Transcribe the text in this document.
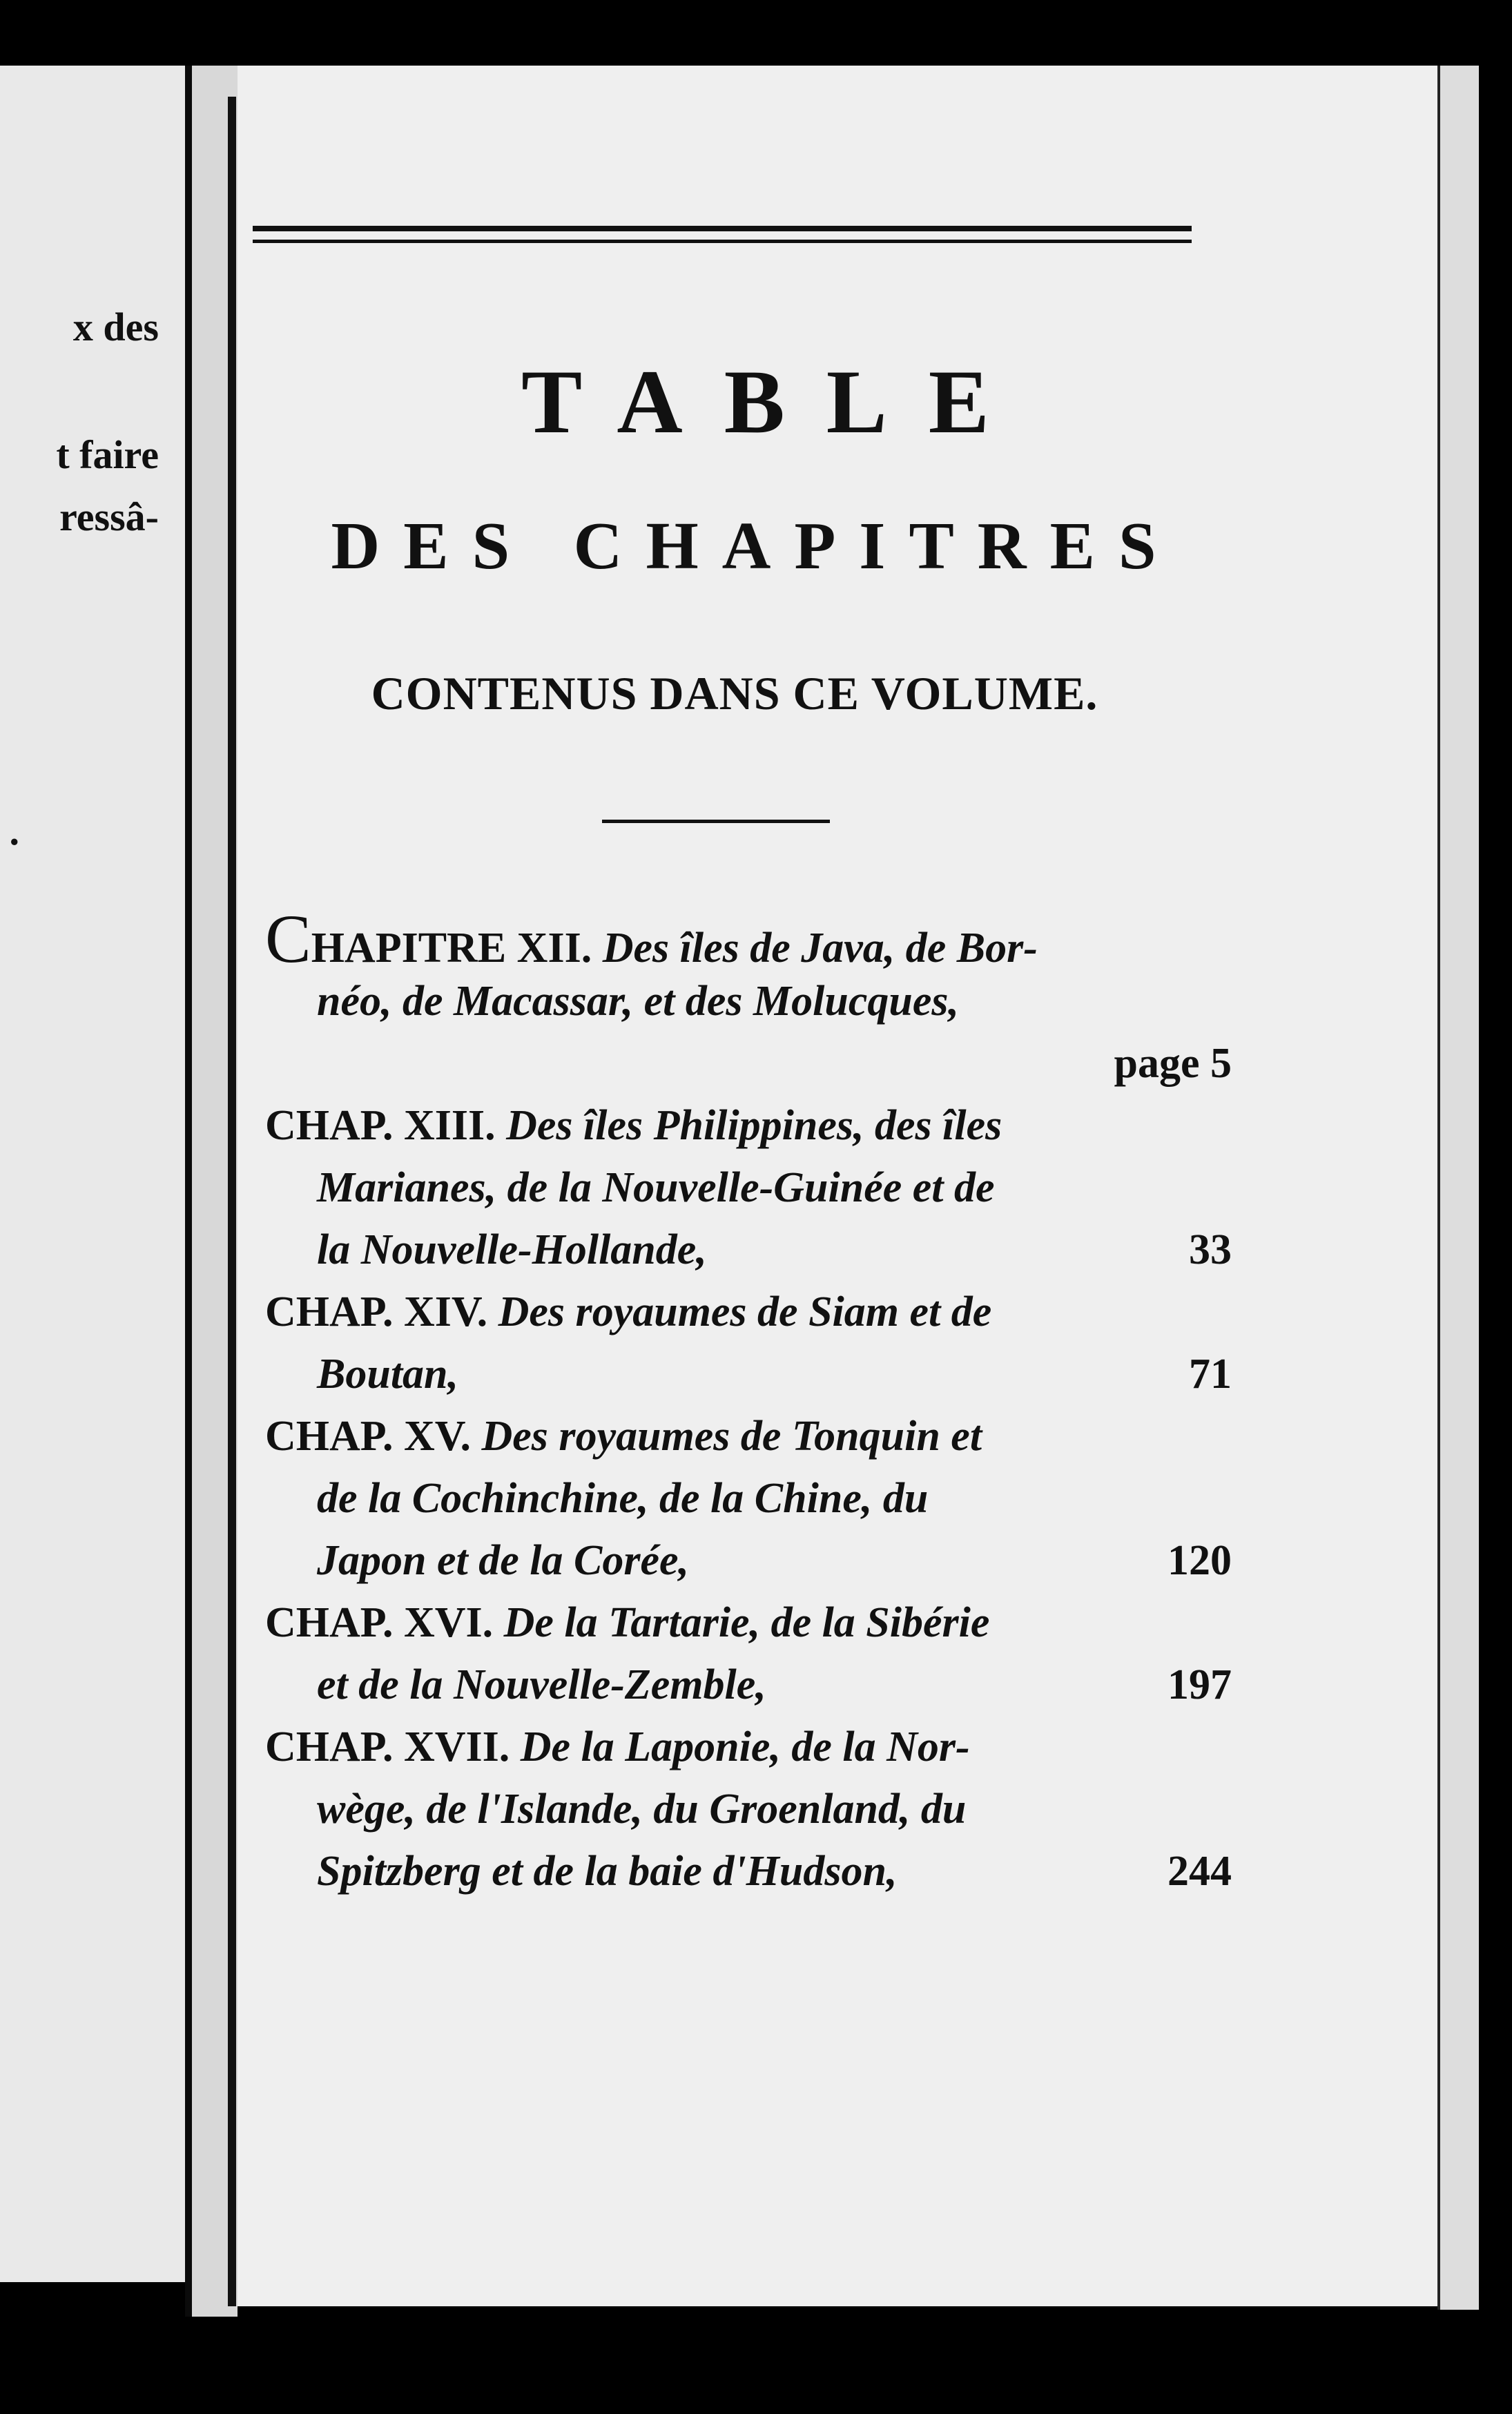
x des
t faire
ressâ-
.
TABLE
DES CHAPITRES
CONTENUS DANS CE VOLUME.
CHAPITRE XII. Des îles de Java, de Bor-
néo, de Macassar, et des Molucques,
page 5
CHAP. XIII. Des îles Philippines, des îles
Marianes, de la Nouvelle-Guinée et de
la Nouvelle-Hollande,	33
CHAP. XIV. Des royaumes de Siam et de
Boutan,	71
CHAP. XV. Des royaumes de Tonquin et
de la Cochinchine, de la Chine, du
Japon et de la Corée,	120
CHAP. XVI. De la Tartarie, de la Sibérie
et de la Nouvelle-Zemble,	197
CHAP. XVII. De la Laponie, de la Nor-
wège, de l'Islande, du Groenland, du
Spitzberg et de la baie d'Hudson,	244
